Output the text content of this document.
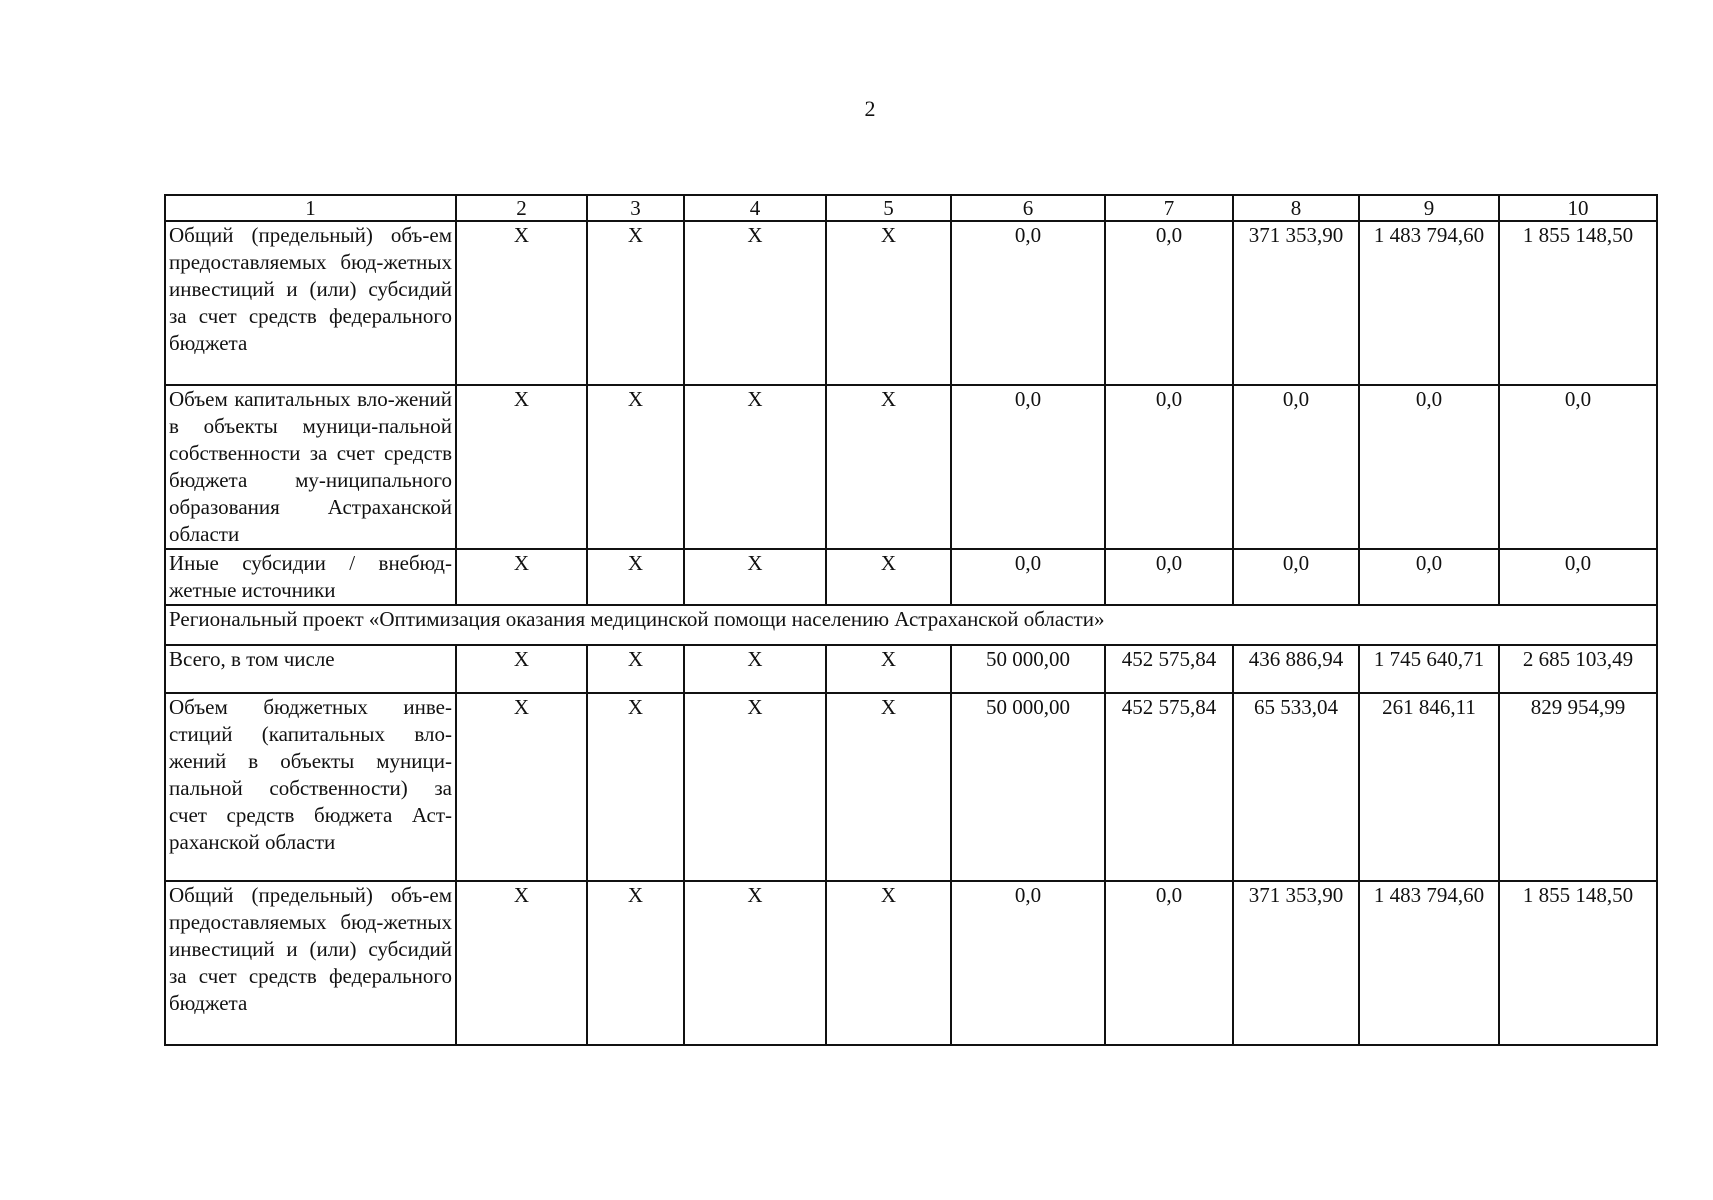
2
1	2	3	4	5	6	7	8	9	10
Общий (предельный) объ-ем предоставляемых бюд-жетных инвестиций и (или) субсидий за счет средств федерального бюджета	X	X	X	X	0,0	0,0	371 353,90	1 483 794,60	1 855 148,50
Объем капитальных вло-жений в объекты муници-пальной собственности за счет средств бюджета му-ниципального образования Астраханской области	X	X	X	X	0,0	0,0	0,0	0,0	0,0
Иные субсидии / внебюд-жетные источники	X	X	X	X	0,0	0,0	0,0	0,0	0,0
Региональный проект «Оптимизация оказания медицинской помощи населению Астраханской области»									
Всего, в том числе	X	X	X	X	50 000,00	452 575,84	436 886,94	1 745 640,71	2 685 103,49
Объем бюджетных инве-стиций (капитальных вло-жений в объекты муници-пальной собственности) за счет средств бюджета Аст-раханской области	X	X	X	X	50 000,00	452 575,84	65 533,04	261 846,11	829 954,99
Общий (предельный) объ-ем предоставляемых бюд-жетных инвестиций и (или) субсидий за счет средств федерального бюджета	X	X	X	X	0,0	0,0	371 353,90	1 483 794,60	1 855 148,50
